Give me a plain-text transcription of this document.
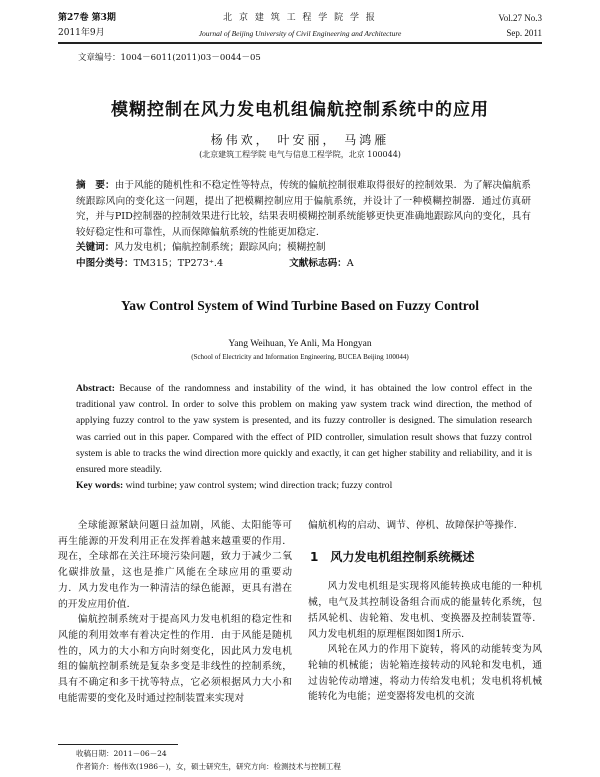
第27卷 第3期
2011年9月
北 京 建 筑 工 程 学 院 学 报
Journal of Beijing University of Civil Engineering and Architecture
Vol.27 No.3
Sep. 2011
文章编号：1004－6011(2011)03－0044－05
模糊控制在风力发电机组偏航控制系统中的应用
杨伟欢， 叶安丽， 马鸿雁
(北京建筑工程学院 电气与信息工程学院，北京 100044)
摘　要：由于风能的随机性和不稳定性等特点，传统的偏航控制很难取得很好的控制效果．为了解决偏航系统跟踪风向的变化这一问题，提出了把模糊控制应用于偏航系统，并设计了一种模糊控制器．通过仿真研究，并与PID控制器的控制效果进行比较，结果表明模糊控制系统能够更快更准确地跟踪风向的变化，具有较好稳定性和可靠性，从而保障偏航系统的性能更加稳定．
关键词：风力发电机；偏航控制系统；跟踪风向；模糊控制
中图分类号：TM315；TP273⁺.4	文献标志码：A
Yaw Control System of Wind Turbine Based on Fuzzy Control
Yang Weihuan, Ye Anli, Ma Hongyan
(School of Electricity and Information Engineering, BUCEA Beijing 100044)
Abstract: Because of the randomness and instability of the wind, it has obtained the low control effect in the traditional yaw control. In order to solve this problem on making yaw system track wind direction, the method of applying fuzzy control to the yaw system is presented, and its fuzzy controller is designed. The simulation research was carried out in this paper. Compared with the effect of PID controller, simulation result shows that fuzzy control system is able to tracks the wind direction more quickly and exactly, it can get higher stability and reliability, and it is ensured more steadily.
Key words: wind turbine; yaw control system; wind direction track; fuzzy control

全球能源紧缺问题日益加剧，风能、太阳能等可再生能源的开发利用正在发挥着越来越重要的作用．现在，全球都在关注环境污染问题，致力于减少二氧化碳排放量，这也是推广风能在全球应用的重要动力．风力发电作为一种清洁的绿色能源，更具有潜在的开发应用价值．

偏航控制系统对于提高风力发电机组的稳定性和风能的利用效率有着决定性的作用．由于风能是随机性的，风力的大小和方向时刻变化，因此风力发电机组的偏航控制系统是复杂多变是非线性的控制系统，具有不确定和多干扰等特点，它必须根据风力大小和电能需要的变化及时通过控制装置来实现对

偏航机构的启动、调节、停机、故障保护等操作．
1 风力发电机组控制系统概述

风力发电机组是实现将风能转换成电能的一种机械，电气及其控制设备组合而成的能量转化系统，包括风轮机、齿轮箱、发电机、变换器及控制装置等．风力发电机组的原理框图如图1所示．

风轮在风力的作用下旋转，将风的动能转变为风轮轴的机械能；齿轮箱连接转动的风轮和发电机，通过齿轮传动增速，将动力传给发电机；发电机将机械能转化为电能；逆变器将发电机的交流

收稿日期：2011－06－24
作者简介：杨伟欢(1986－)，女，硕士研究生，研究方向：检测技术与控制工程
